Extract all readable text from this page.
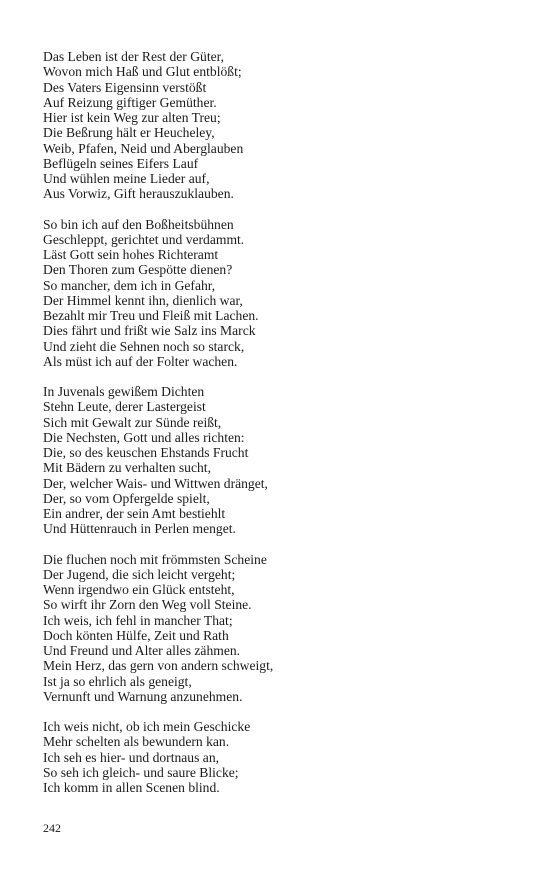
Das Leben ist der Rest der Güter,
Wovon mich Haß und Glut entblößt;
Des Vaters Eigensinn verstößt
Auf Reizung giftiger Gemüther.
Hier ist kein Weg zur alten Treu;
Die Beßrung hält er Heucheley,
Weib, Pfafen, Neid und Aberglauben
Beflügeln seines Eifers Lauf
Und wühlen meine Lieder auf,
Aus Vorwiz, Gift herauszuklauben.
So bin ich auf den Boßheitsbühnen
Geschleppt, gerichtet und verdammt.
Läst Gott sein hohes Richteramt
Den Thoren zum Gespötte dienen?
So mancher, dem ich in Gefahr,
Der Himmel kennt ihn, dienlich war,
Bezahlt mir Treu und Fleiß mit Lachen.
Dies fährt und frißt wie Salz ins Marck
Und zieht die Sehnen noch so starck,
Als müst ich auf der Folter wachen.
In Juvenals gewißem Dichten
Stehn Leute, derer Lastergeist
Sich mit Gewalt zur Sünde reißt,
Die Nechsten, Gott und alles richten:
Die, so des keuschen Ehstands Frucht
Mit Bädern zu verhalten sucht,
Der, welcher Wais- und Wittwen dränget,
Der, so vom Opfergelde spielt,
Ein andrer, der sein Amt bestiehlt
Und Hüttenrauch in Perlen menget.
Die fluchen noch mit frömmsten Scheine
Der Jugend, die sich leicht vergeht;
Wenn irgendwo ein Glück entsteht,
So wirft ihr Zorn den Weg voll Steine.
Ich weis, ich fehl in mancher That;
Doch könten Hülfe, Zeit und Rath
Und Freund und Alter alles zähmen.
Mein Herz, das gern von andern schweigt,
Ist ja so ehrlich als geneigt,
Vernunft und Warnung anzunehmen.
Ich weis nicht, ob ich mein Geschicke
Mehr schelten als bewundern kan.
Ich seh es hier- und dortnaus an,
So seh ich gleich- und saure Blicke;
Ich komm in allen Scenen blind.
242
